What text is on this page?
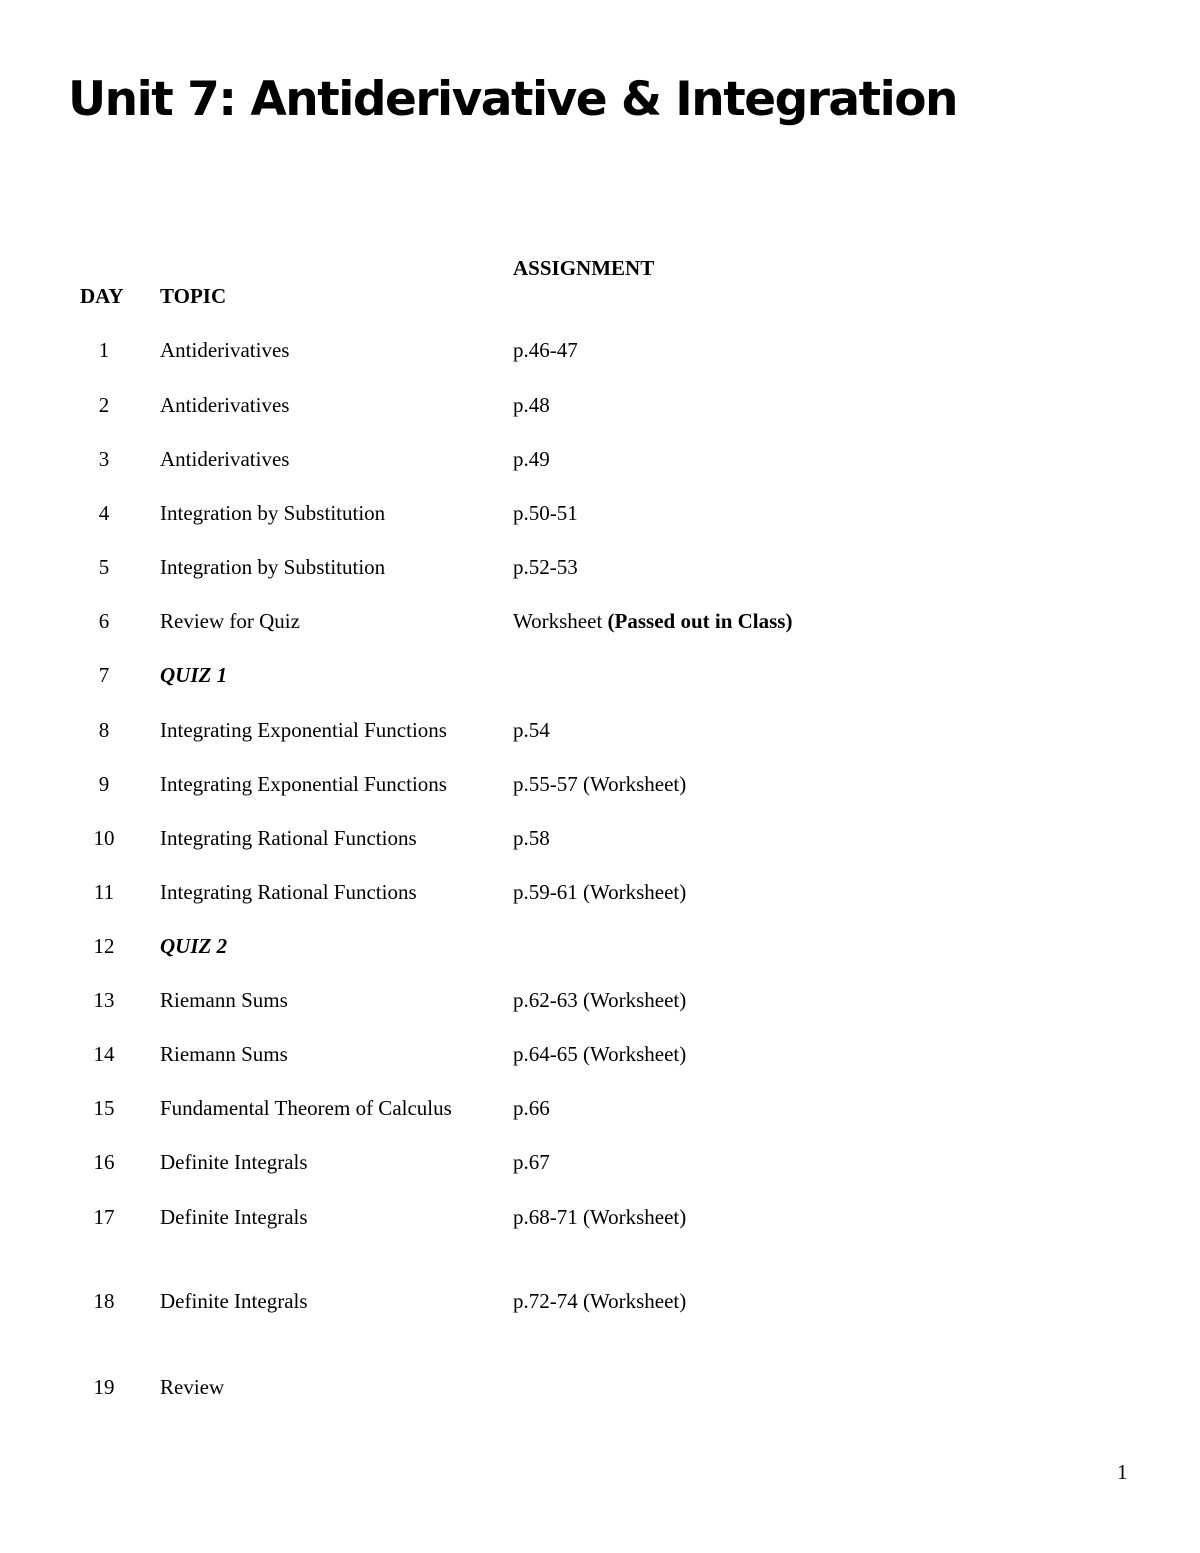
Unit 7: Antiderivative & Integration
ASSIGNMENT
DAY TOPIC
1	Antiderivatives	p.46-47
2	Antiderivatives	p.48
3	Antiderivatives	p.49
4	Integration by Substitution	p.50-51
5	Integration by Substitution	p.52-53
6	Review for Quiz	Worksheet (Passed out in Class)
7	QUIZ 1
8	Integrating Exponential Functions	p.54
9	Integrating Exponential Functions	p.55-57 (Worksheet)
10	Integrating Rational Functions	p.58
11	Integrating Rational Functions	p.59-61 (Worksheet)
12	QUIZ 2
13	Riemann Sums	p.62-63 (Worksheet)
14	Riemann Sums	p.64-65 (Worksheet)
15	Fundamental Theorem of Calculus	p.66
16	Definite Integrals	p.67
17	Definite Integrals	p.68-71 (Worksheet)
18	Definite Integrals	p.72-74 (Worksheet)
19	Review
1
